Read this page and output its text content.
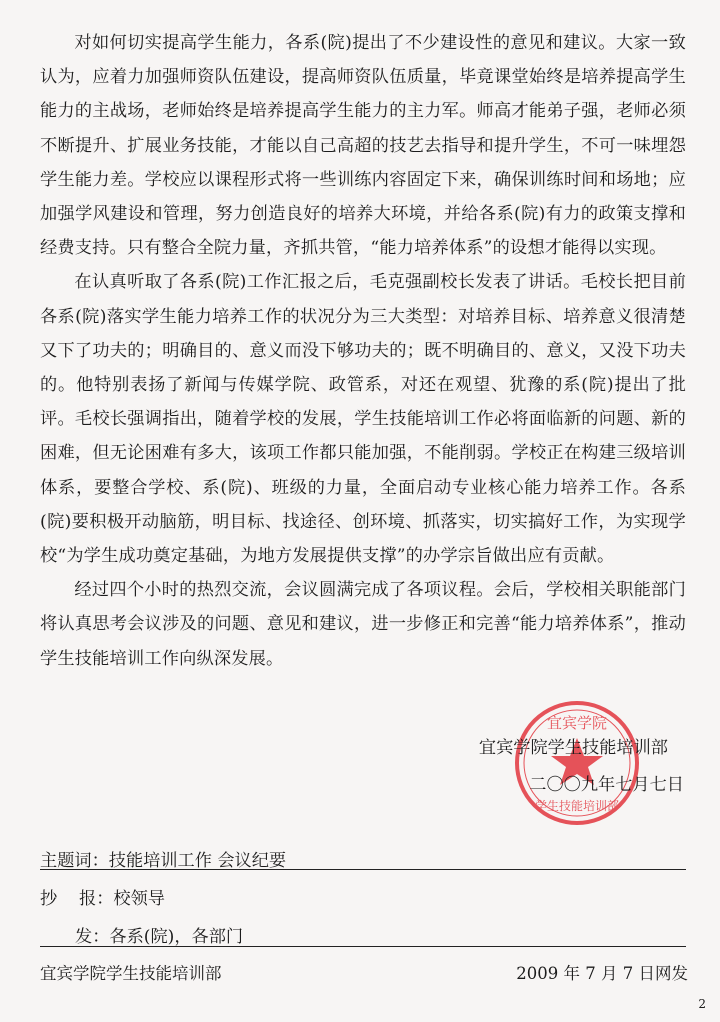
对如何切实提高学生能力，各系(院)提出了不少建设性的意见和建议。大家一致认为，应着力加强师资队伍建设，提高师资队伍质量，毕竟课堂始终是培养提高学生能力的主战场，老师始终是培养提高学生能力的主力军。师高才能弟子强，老师必须不断提升、扩展业务技能，才能以自己高超的技艺去指导和提升学生，不可一味埋怨学生能力差。学校应以课程形式将一些训练内容固定下来，确保训练时间和场地；应加强学风建设和管理，努力创造良好的培养大环境，并给各系(院)有力的政策支撑和经费支持。只有整合全院力量，齐抓共管，“能力培养体系”的设想才能得以实现。

在认真听取了各系(院)工作汇报之后，毛克强副校长发表了讲话。毛校长把目前各系(院)落实学生能力培养工作的状况分为三大类型：对培养目标、培养意义很清楚又下了功夫的；明确目的、意义而没下够功夫的；既不明确目的、意义，又没下功夫的。他特别表扬了新闻与传媒学院、政管系，对还在观望、犹豫的系(院)提出了批评。毛校长强调指出，随着学校的发展，学生技能培训工作必将面临新的问题、新的困难，但无论困难有多大，该项工作都只能加强，不能削弱。学校正在构建三级培训体系，要整合学校、系(院)、班级的力量，全面启动专业核心能力培养工作。各系(院)要积极开动脑筋，明目标、找途径、创环境、抓落实，切实搞好工作，为实现学校“为学生成功奠定基础，为地方发展提供支撑”的办学宗旨做出应有贡献。

经过四个小时的热烈交流，会议圆满完成了各项议程。会后，学校相关职能部门将认真思考会议涉及的问题、意见和建议，进一步修正和完善“能力培养体系”，推动学生技能培训工作向纵深发展。

宜宾学院
学生技能培训部
宜宾学院学生技能培训部
二〇〇九年七月七日
主题词：技能培训工作 会议纪要
抄    报：校领导
发：各系(院)，各部门
宜宾学院学生技能培训部	2009 年 7 月 7 日网发
2
